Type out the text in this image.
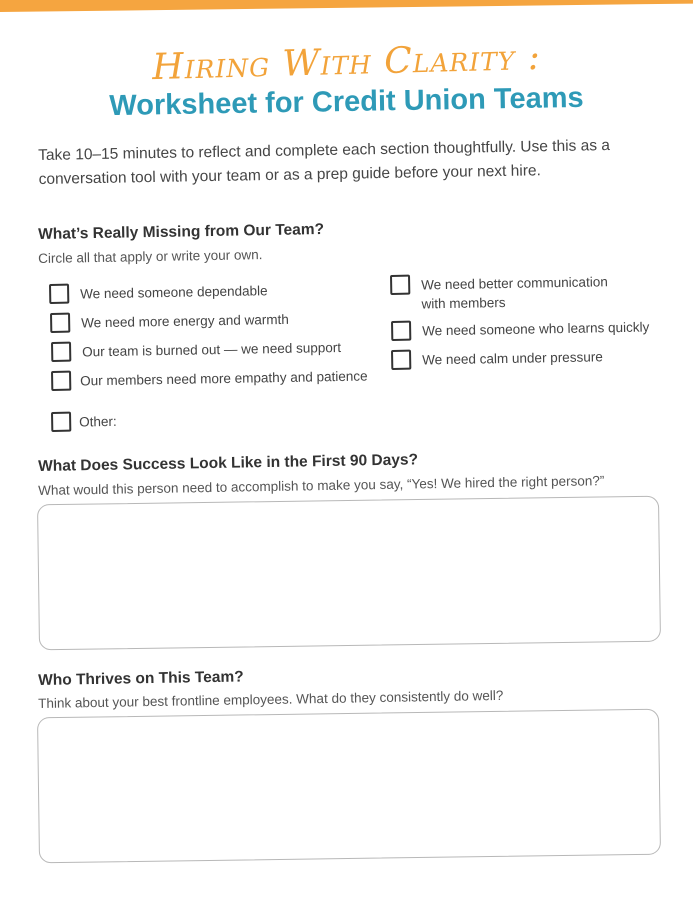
Hiring With Clarity :
Worksheet for Credit Union Teams
Take 10–15 minutes to reflect and complete each section thoughtfully. Use this as a conversation tool with your team or as a prep guide before your next hire.
What’s Really Missing from Our Team?
Circle all that apply or write your own.
We need someone dependable
We need more energy and warmth
Our team is burned out — we need support
Our members need more empathy and patience
Other:
We need better communication with members
We need someone who learns quickly
We need calm under pressure
What Does Success Look Like in the First 90 Days?
What would this person need to accomplish to make you say, “Yes! We hired the right person?”
Who Thrives on This Team?
Think about your best frontline employees. What do they consistently do well?
